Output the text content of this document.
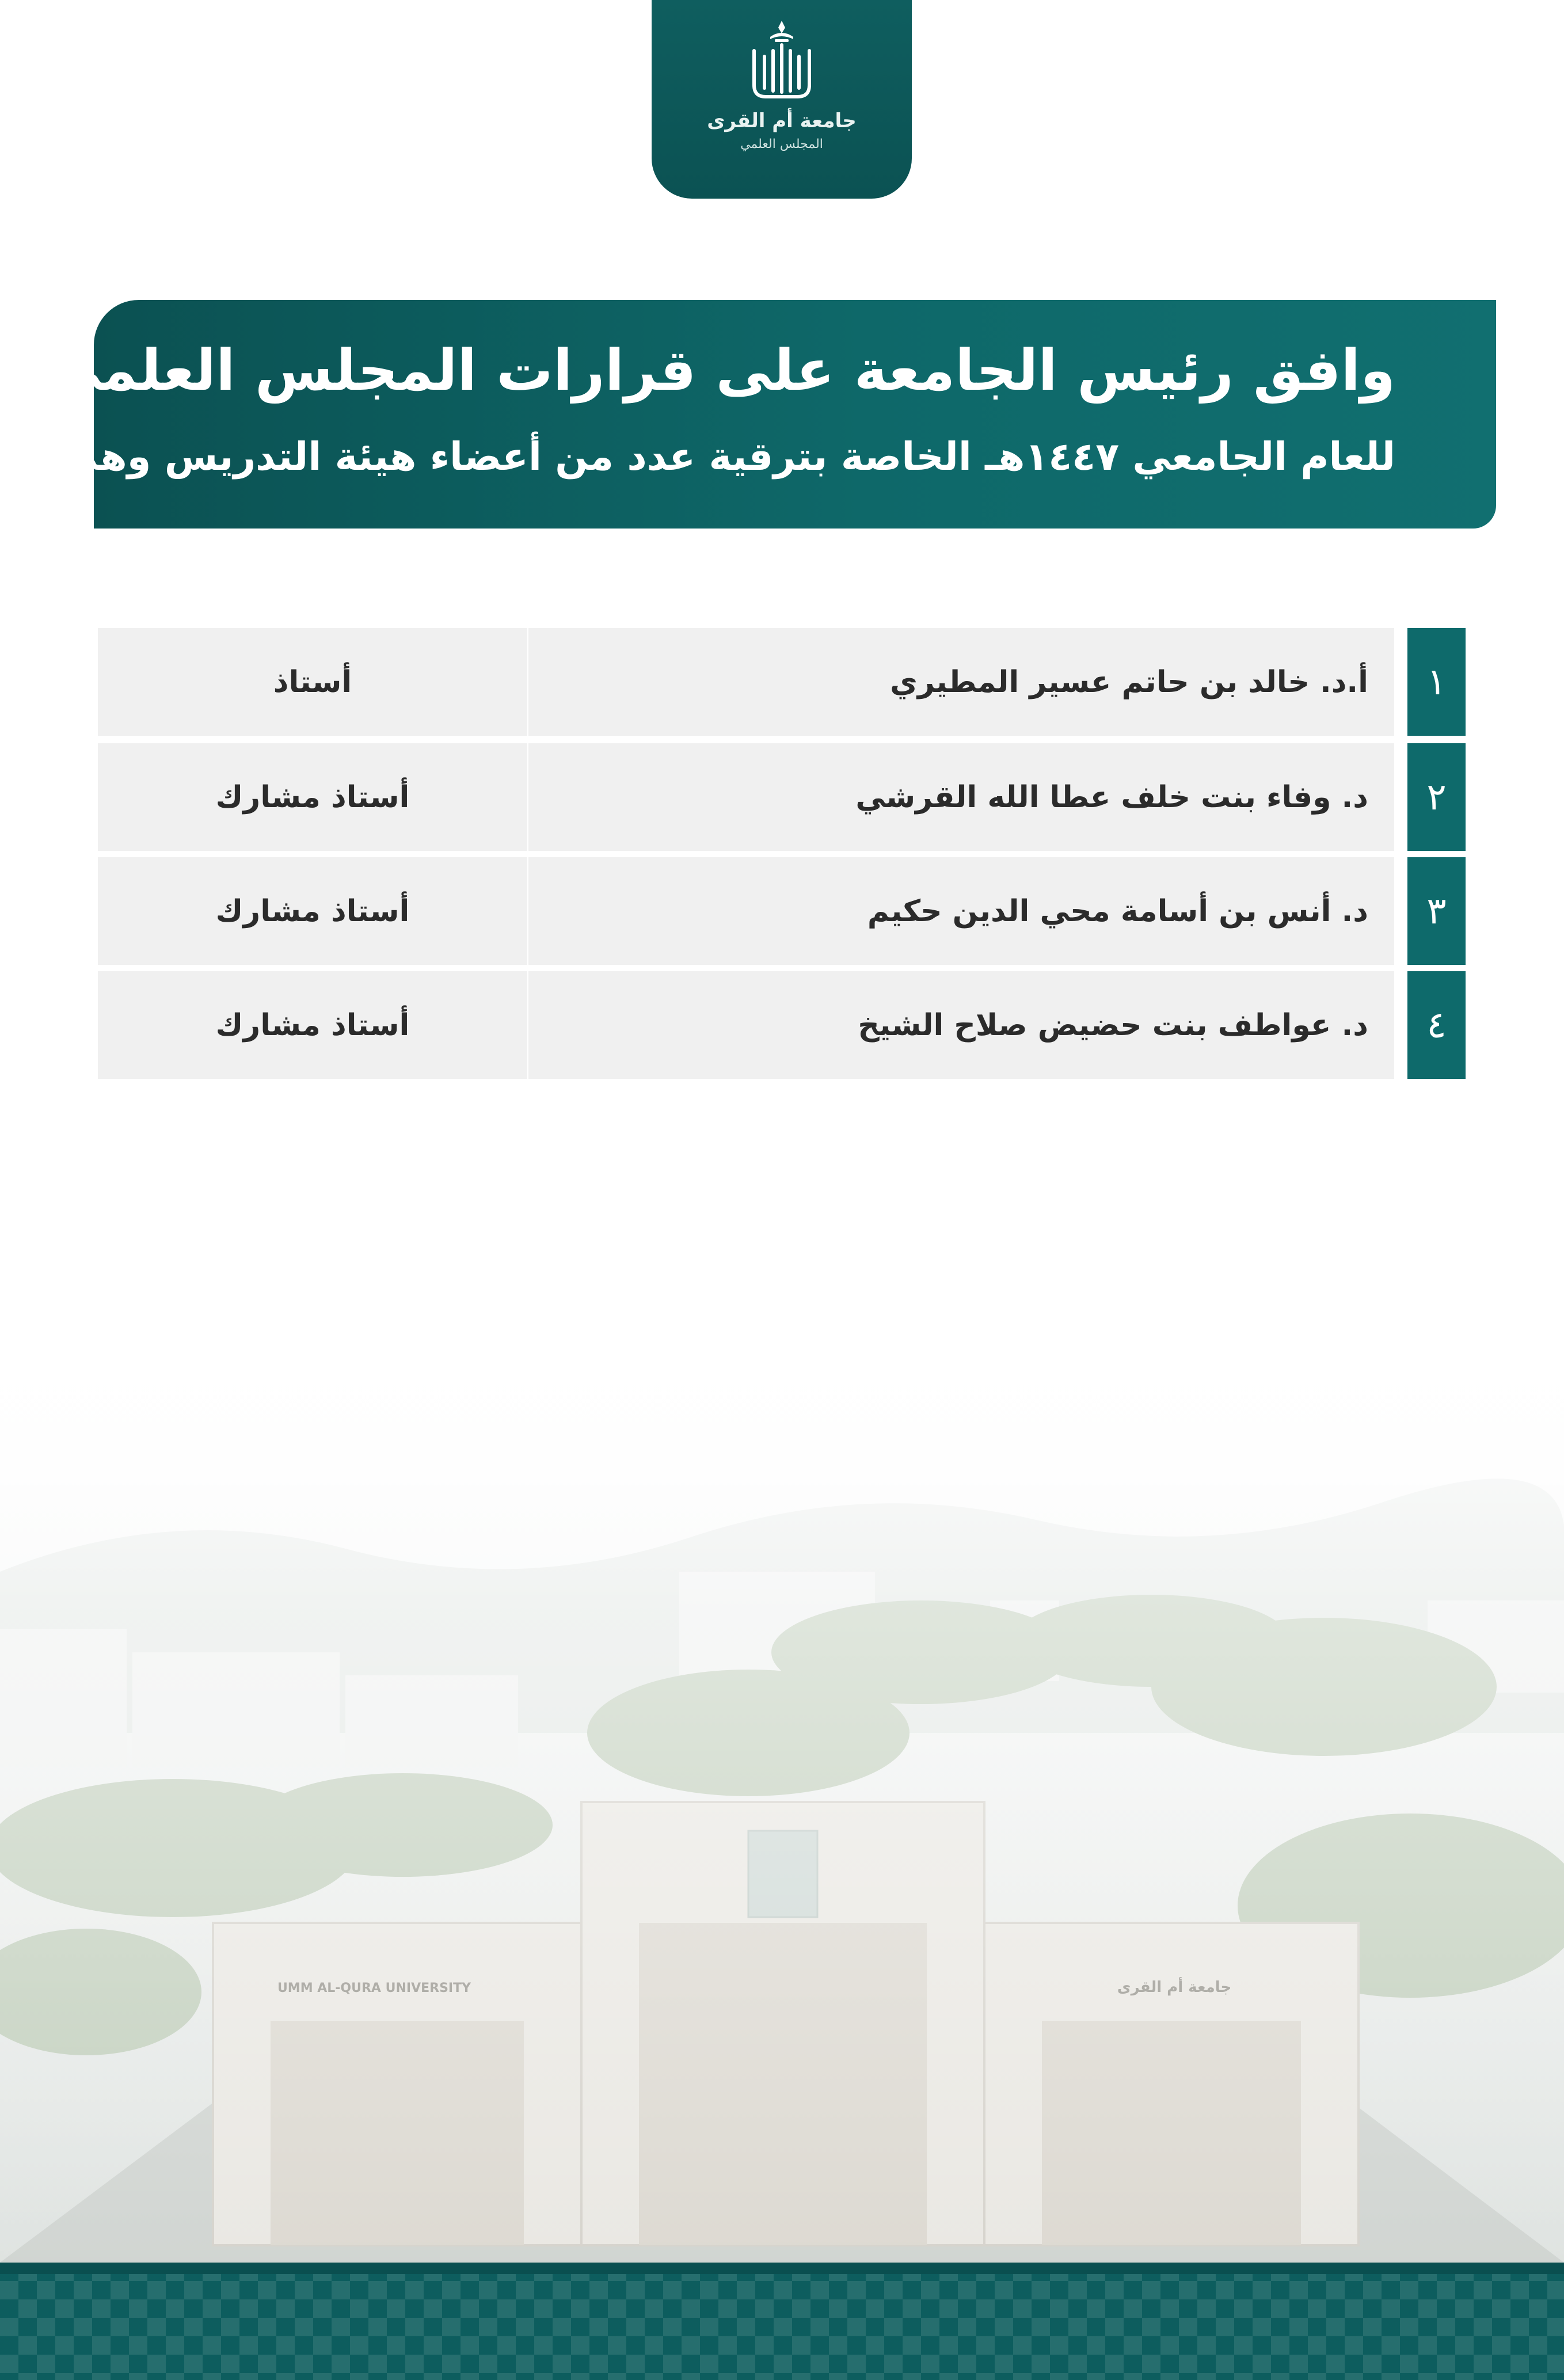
جامعة أم القرى
المجلس العلمي
وافق رئيس الجامعة على قرارات المجلس العلمي
للعام الجامعي ١٤٤٧هـ الخاصة بترقية عدد من أعضاء هيئة التدريس وهم:
١
أ.د. خالد بن حاتم عسير المطيري
أستاذ
٢
د. وفاء بنت خلف عطا الله القرشي
أستاذ مشارك
٣
د. أنس بن أسامة محي الدين حكيم
أستاذ مشارك
٤
د. عواطف بنت حضيض صلاح الشيخ
أستاذ مشارك
